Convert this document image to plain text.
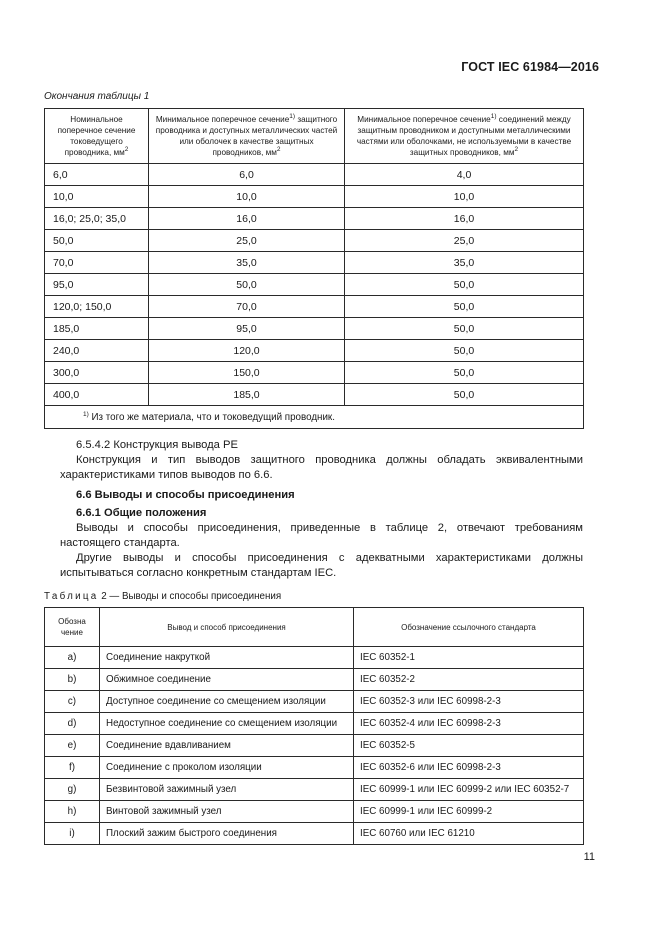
ГОСТ IEC 61984—2016
Окончания таблицы 1
Номинальное поперечное сечение токоведущего проводника, $мм^2$	Минимальное поперечное сечение$^{1)}$ защитного проводника и доступных металлических частей или оболочек в качестве защитных проводников, $мм^2$	Минимальное поперечное сечение$^{1)}$ соединений между защитным проводником и доступными металлическими частями или оболочками, не используемыми в качестве защитных проводников, $мм^2$
6,0	6,0	4,0
10,0	10,0	10,0
16,0; 25,0; 35,0	16,0	16,0
50,0	25,0	25,0
70,0	35,0	35,0
95,0	50,0	50,0
120,0; 150,0	70,0	50,0
185,0	95,0	50,0
240,0	120,0	50,0
300,0	150,0	50,0
400,0	185,0	50,0
$^{1)}$ Из того же материала, что и токоведущий проводник.		

6.5.4.2 Конструкция вывода PE

Конструкция и тип выводов защитного проводника должны обладать эквивалентными характеристиками типов выводов по 6.6.

6.6 Выводы и способы присоединения

6.6.1 Общие положения

Выводы и способы присоединения, приведенные в таблице 2, отвечают требованиям настоящего стандарта.

Другие выводы и способы присоединения с адекватными характеристиками должны испытываться согласно конкретным стандартам IEC.

Таблица 2 — Выводы и способы присоединения
Обозна чение	Вывод и способ присоединения	Обозначение ссылочного стандарта
a)	Соединение накруткой	IEC 60352-1
b)	Обжимное соединение	IEC 60352-2
c)	Доступное соединение со смещением изоляции	IEC 60352-3 или IEC 60998-2-3
d)	Недоступное соединение со смещением изоляции	IEC 60352-4 или IEC 60998-2-3
e)	Соединение вдавливанием	IEC 60352-5
f)	Соединение с проколом изоляции	IEC 60352-6 или IEC 60998-2-3
g)	Безвинтовой зажимный узел	IEC 60999-1 или IEC 60999-2 или IEC 60352-7
h)	Винтовой зажимный узел	IEC 60999-1 или IEC 60999-2
i)	Плоский зажим быстрого соединения	IEC 60760 или IEC 61210
11
